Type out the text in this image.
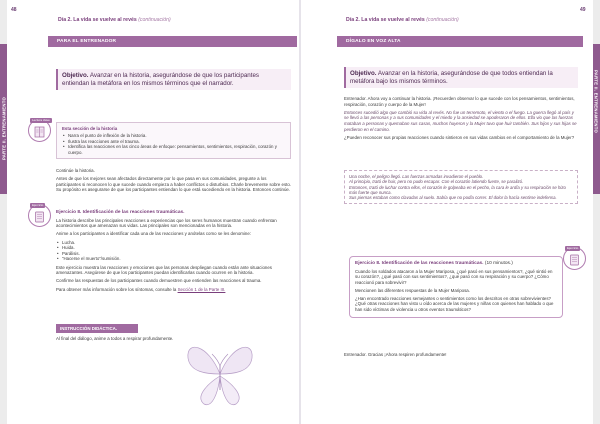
PARTE II. ENTRENAMIENTO
48
Día 2. La vida se vuelve al revés (continuación)
PARA EL ENTRENADOR
Objetivo. Avanzar en la historia, asegurándose de que los participantes entiendan la metáfora en los mismos términos que el narrador.
Lectura clave
Esta sección de la historia
• Narra el punto de inflexión de la historia.
• Ilustra las reacciones ante el trauma.
• Identifica las reacciones en las cinco áreas de enfoque: pensamientos, sentimientos, respiración, corazón y cuerpo.

Continúe la historia.

Antes de que los mejores sean afectados directamente por lo que pasa en sus comunidades, pregunte a los participantes si reconocen lo que sucede cuando empieza a haber conflictos o disturbios. Charle brevemente sobre esto. Su propósito es asegurarse de que los participantes entiendan lo que está sucediendo en la historia. Entonces continúe.

Ejercicio
Ejercicio 8. Identificación de las reacciones traumáticas.

La historia describe las principales reacciones a experiencias que los seres humanos muestran cuando enfrentan acontecimientos que amenazan sus vidas. Las principales son mencionadas en la historia.

Anime a los participantes a identificar cada una de las reacciones y anótelas como se les denomine:

• Lucha.
• Huida.
• Parálisis.
• “Hacerse el muerto”/sumisión.

Este ejercicio muestra las reacciones y emociones que las personas despliegan cuando están ante situaciones amenazantes. Asegúrese de que los participantes puedan identificarlas cuando ocurren en la historia.

Confirme las respuestas de los participantes cuando demuestren que entienden las reacciones al trauma.

Para obtener más información sobre los síntomas, consulte la Sección 1 de la Parte III.

INSTRUCCIÓN DIDÁCTICA.
Al final del diálogo, anime a todos a respirar profundamente.
PARTE II. ENTRENAMIENTO
49
Día 2. La vida se vuelve al revés (continuación)
DÍGALO EN VOZ ALTA
Objetivo. Avanzar en la historia, asegurándose de que todos entiendan la metáfora bajo los mismos términos.

Entrenador. Ahora voy a continuar la historia. ¡Recuerden observar lo que sucede con los pensamientos, sentimientos, respiración, corazón y cuerpo de la Mujer!

Entonces sucedió algo que cambió su vida al revés. No fue un terremoto, el viento o el fuego. La guerra llegó al país y se llevó a las personas y a sus comunidades y el miedo y la ansiedad se apoderaron de ellos. Ella vio que las fuerzas mataban a personas y quemaban sus casas, muchos huyeron y la Mujer tuvo que huir también. Sus hijos y sus hijas se perdieron en el camino.

¿Pueden reconocer sus propias reacciones cuando sintieron en sus vidas cambios en el comportamiento de la Mujer?

Una noche, el peligro llegó. Las fuerzas armadas invadieron el pueblo.

Al principio, trató de huir, pero no pudo escapar. Con el corazón latiendo fuerte, se paralizó.

Entonces, trató de luchar contra ellos, el corazón le golpeaba en el pecho, la cara le ardía y su respiración se hizo más fuerte que nunca.

Sus piernas estaban como clavadas al suelo. Sabía que no podía correr. El dolor la hacía sentirse indefensa.

Ejercicio 8. Identificación de las reacciones traumáticas. (10 minutos.)

Cuando los soldados atacaron a la Mujer Mariposa, ¿qué pasó en sus pensamientos?, ¿qué sintió en su corazón?, ¿qué pasó con sus sentimientos?, ¿qué pasó con su respiración y su cuerpo? ¿Cómo reaccionó para sobrevivir?

Mencionen las diferentes respuestas de la Mujer Mariposa.

¿Han encontrado reacciones semejantes o sentimientos como los descritos en otras sobrevivientes? ¿Qué otras reacciones han visto u oído acerca de las mujeres y niñas con quienes han hablado o que han sido víctimas de violencia u otros eventos traumáticos?

Ejercicio
Entrenador. Gracias ¡Ahora respiren profundamente!
